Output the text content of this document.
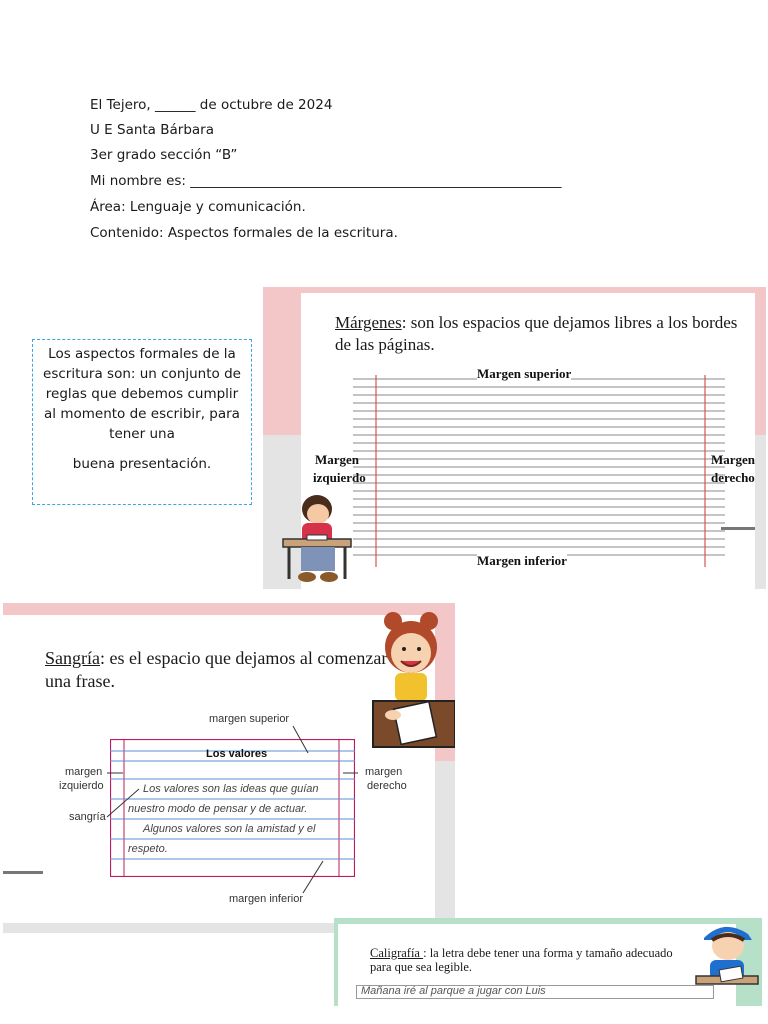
El Tejero, ______ de octubre de 2024
U E Santa Bárbara
3er grado sección “B”
Mi nombre es: _______________________________________________________
Área: Lenguaje y comunicación.
Contenido: Aspectos formales de la escritura.

Los aspectos formales de la escritura son: un conjunto de reglas que debemos cumplir al momento de escribir, para tener una

buena presentación.

Márgenes: son los espacios que dejamos libres a los bordes de las páginas.
Margen superior
Margen
izquierdo
Margen
derecho
Margen inferior
Sangría: es el espacio que dejamos al comenzar una frase.
Los valores
Los valores son las ideas que guían
nuestro modo de pensar y de actuar.
Algunos valores son la amistad y el
respeto.
margen superior
margen
izquierdo
margen
derecho
sangría
margen inferior
Caligrafía : la letra debe tener una forma y tamaño adecuado para que sea legible.
Mañana iré al parque a jugar con Luis
